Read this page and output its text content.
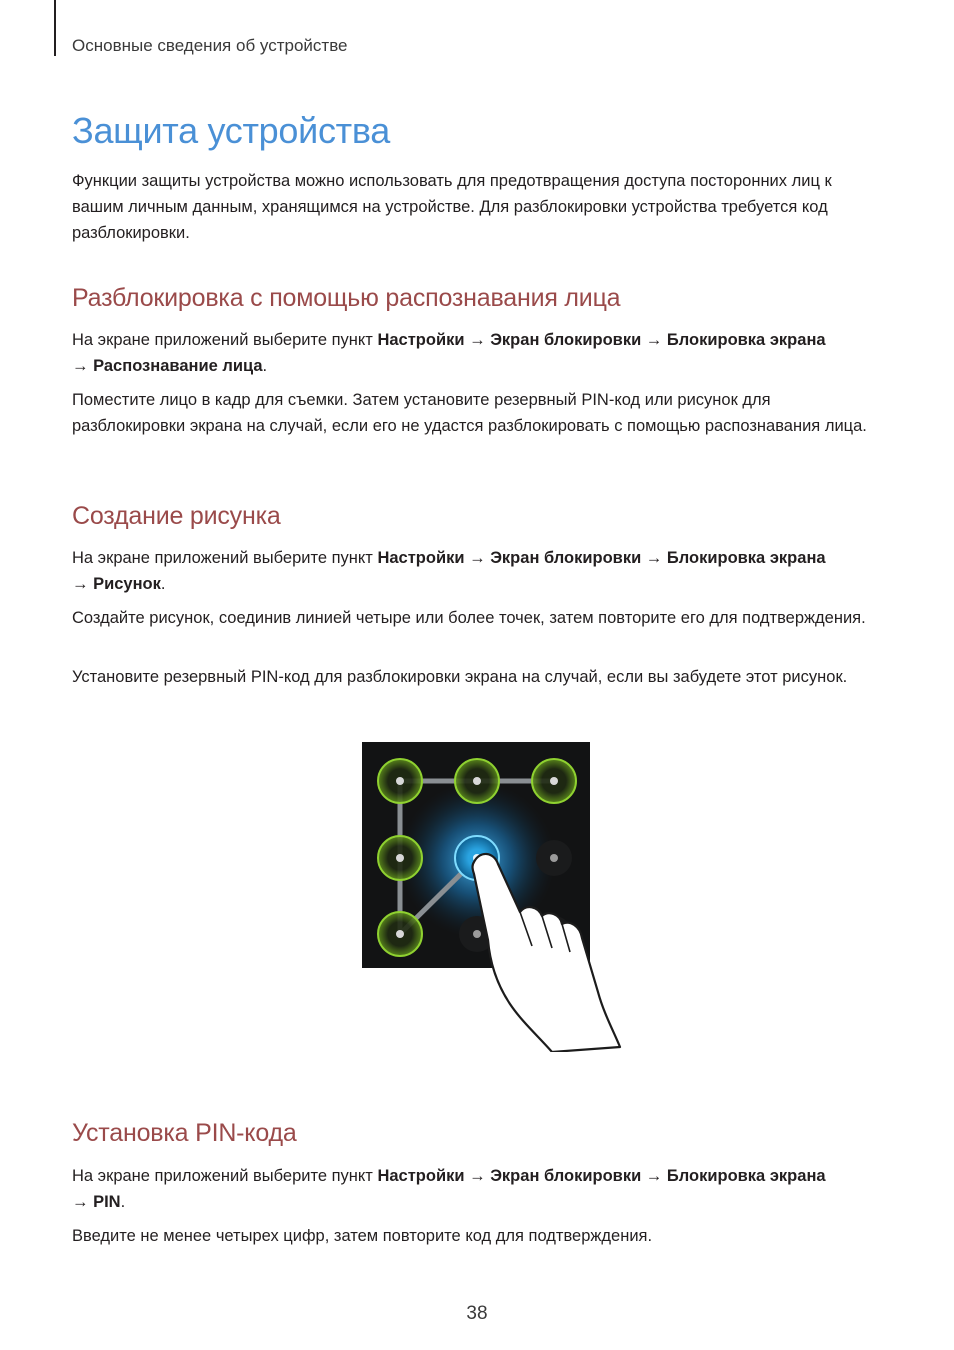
Основные сведения об устройстве
Защита устройства

Функции защиты устройства можно использовать для предотвращения доступа посторонних лиц к вашим личным данным, хранящимся на устройстве. Для разблокировки устройства требуется код разблокировки.

Разблокировка с помощью распознавания лица

На экране приложений выберите пункт Настройки → Экран блокировки → Блокировка экрана
→ Распознавание лица.

Поместите лицо в кадр для съемки. Затем установите резервный PIN-код или рисунок для разблокировки экрана на случай, если его не удастся разблокировать с помощью распознавания лица.

Создание рисунка

На экране приложений выберите пункт Настройки → Экран блокировки → Блокировка экрана
→ Рисунок.

Создайте рисунок, соединив линией четыре или более точек, затем повторите его для подтверждения.

Установите резервный PIN-код для разблокировки экрана на случай, если вы забудете этот рисунок.

Установка PIN-кода

На экране приложений выберите пункт Настройки → Экран блокировки → Блокировка экрана
→ PIN.

Введите не менее четырех цифр, затем повторите код для подтверждения.

38
